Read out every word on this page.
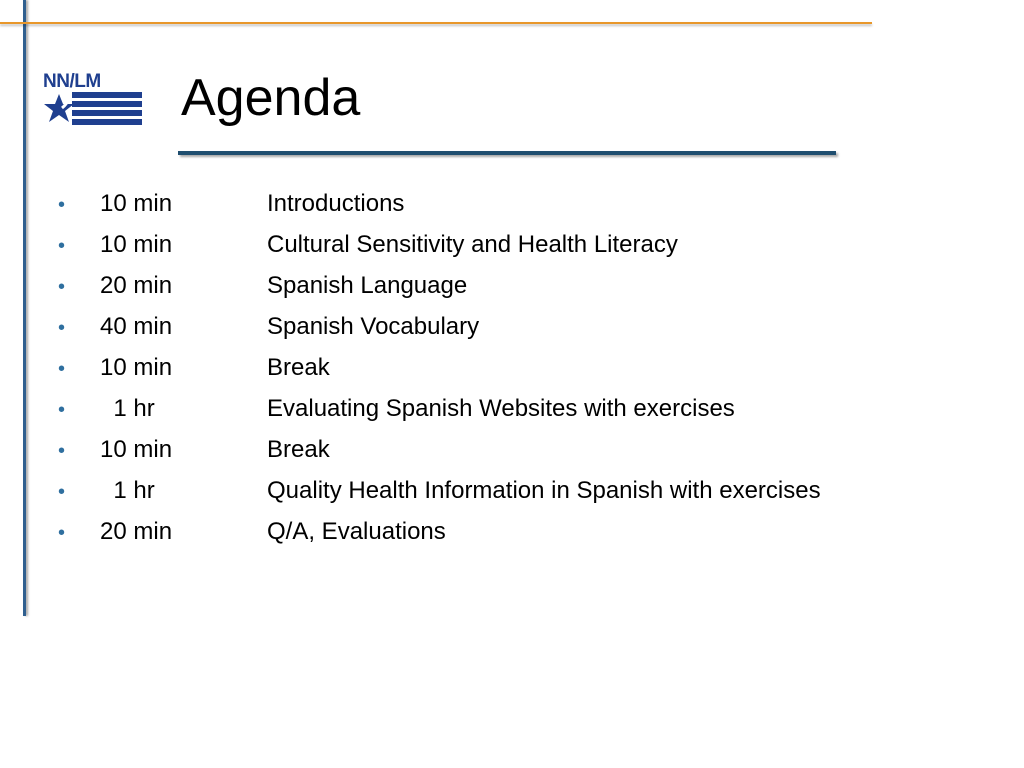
NN/LM Agenda
•	10 min	Introductions
•	10 min	Cultural Sensitivity and Health Literacy
•	20 min	Spanish Language
•	40 min	Spanish Vocabulary
•	10 min	Break
•	1 hr	Evaluating Spanish Websites with exercises
•	10 min	Break
•	1 hr	Quality Health Information in Spanish with exercises
•	20 min	Q/A, Evaluations
